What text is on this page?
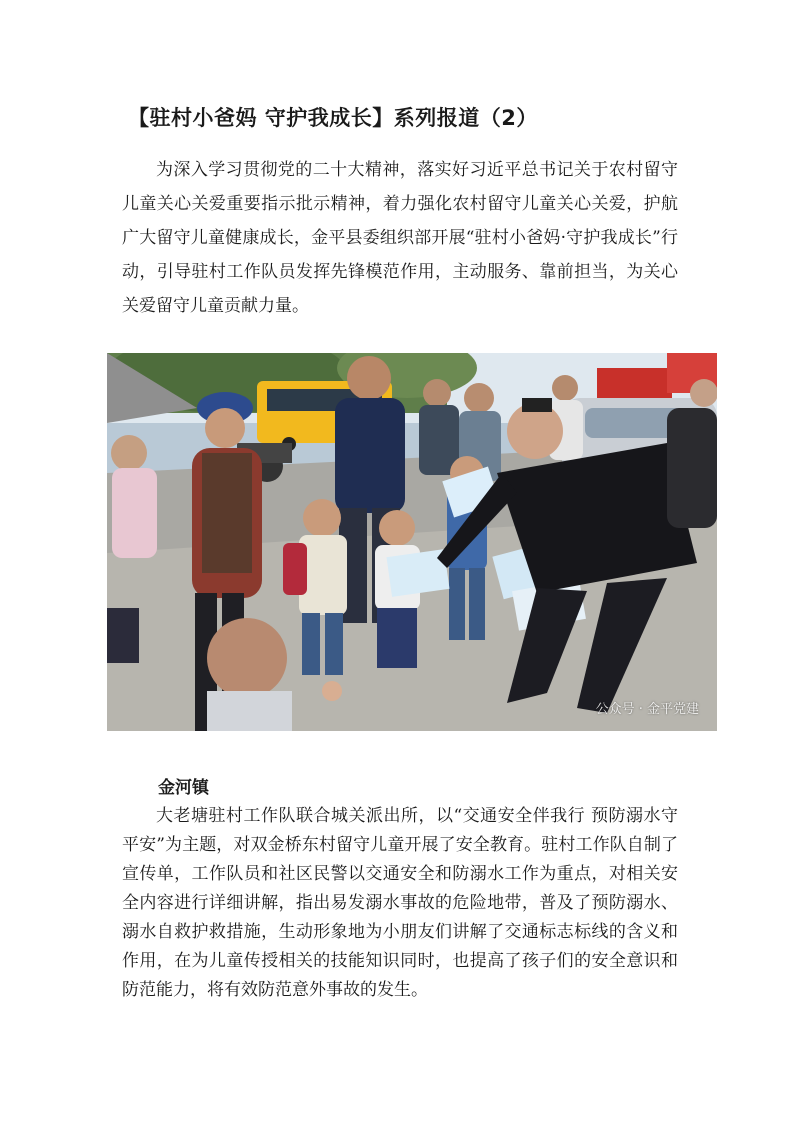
【驻村小爸妈 守护我成长】系列报道（2）

为深入学习贯彻党的二十大精神，落实好习近平总书记关于农村留守儿童关心关爱重要指示批示精神，着力强化农村留守儿童关心关爱，护航广大留守儿童健康成长，金平县委组织部开展“驻村小爸妈·守护我成长”行动，引导驻村工作队员发挥先锋模范作用，主动服务、靠前担当，为关心关爱留守儿童贡献力量。

公众号 · 金平党建
金河镇

大老塘驻村工作队联合城关派出所，以“交通安全伴我行 预防溺水守平安”为主题，对双金桥东村留守儿童开展了安全教育。驻村工作队自制了宣传单，工作队员和社区民警以交通安全和防溺水工作为重点，对相关安全内容进行详细讲解，指出易发溺水事故的危险地带，普及了预防溺水、溺水自救护救措施，生动形象地为小朋友们讲解了交通标志标线的含义和作用，在为儿童传授相关的技能知识同时，也提高了孩子们的安全意识和防范能力，将有效防范意外事故的发生。
